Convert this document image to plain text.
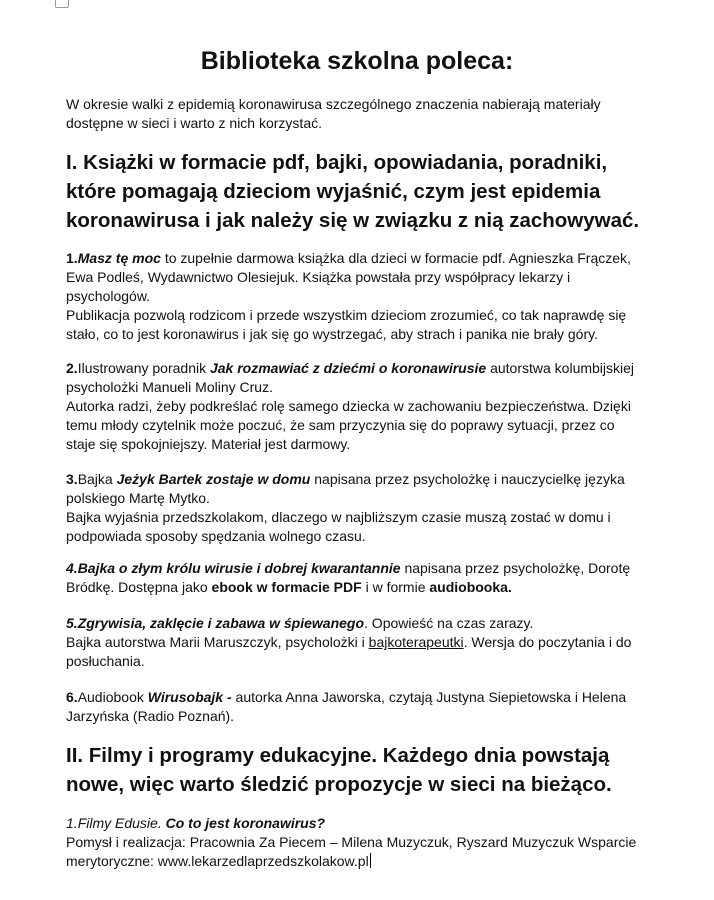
Biblioteka szkolna poleca:
W okresie walki z epidemią koronawirusa szczególnego znaczenia nabierają materiały
dostępne w sieci i warto z nich korzystać.
I. Książki w formacie pdf, bajki, opowiadania, poradniki,
które pomagają dzieciom wyjaśnić, czym jest epidemia
koronawirusa i jak należy się w związku z nią zachowywać.

1.Masz tę moc to zupełnie darmowa książka dla dzieci w formacie pdf. Agnieszka Frączek, Ewa Podleś, Wydawnictwo Olesiejuk. Książka powstała przy współpracy lekarzy i psychologów.

Publikacja pozwolą rodzicom i przede wszystkim dzieciom zrozumieć, co tak naprawdę się stało, co to jest koronawirus i jak się go wystrzegać, aby strach i panika nie brały góry.

2.Ilustrowany poradnik Jak rozmawiać z dziećmi o koronawirusie autorstwa kolumbijskiej psycholożki Manueli Moliny Cruz.

Autorka radzi, żeby podkreślać rolę samego dziecka w zachowaniu bezpieczeństwa. Dzięki temu młody czytelnik może poczuć, że sam przyczynia się do poprawy sytuacji, przez co staje się spokojniejszy. Materiał jest darmowy.

3.Bajka Jeżyk Bartek zostaje w domu napisana przez psycholożkę i nauczycielkę języka polskiego Martę Mytko.

Bajka wyjaśnia przedszkolakom, dlaczego w najbliższym czasie muszą zostać w domu i podpowiada sposoby spędzania wolnego czasu.

4.Bajka o złym królu wirusie i dobrej kwarantannie napisana przez psycholożkę, Dorotę Bródkę. Dostępna jako ebook w formacie PDF i w formie audiobooka.

5.Zgrywisia, zaklęcie i zabawa w śpiewanego. Opowieść na czas zarazy.

Bajka autorstwa Marii Maruszczyk, psycholożki i bajkoterapeutki. Wersja do poczytania i do posłuchania.

6.Audiobook Wirusobajk - autorka Anna Jaworska, czytają Justyna Siepietowska i Helena Jarzyńska (Radio Poznań).

II. Filmy i programy edukacyjne. Każdego dnia powstają
nowe, więc warto śledzić propozycje w sieci na bieżąco.

1.Filmy Edusie. Co to jest koronawirus?

Pomysł i realizacja: Pracownia Za Piecem – Milena Muzyczuk, Ryszard Muzyczuk Wsparcie merytoryczne: www.lekarzedlaprzedszkolakow.pl
